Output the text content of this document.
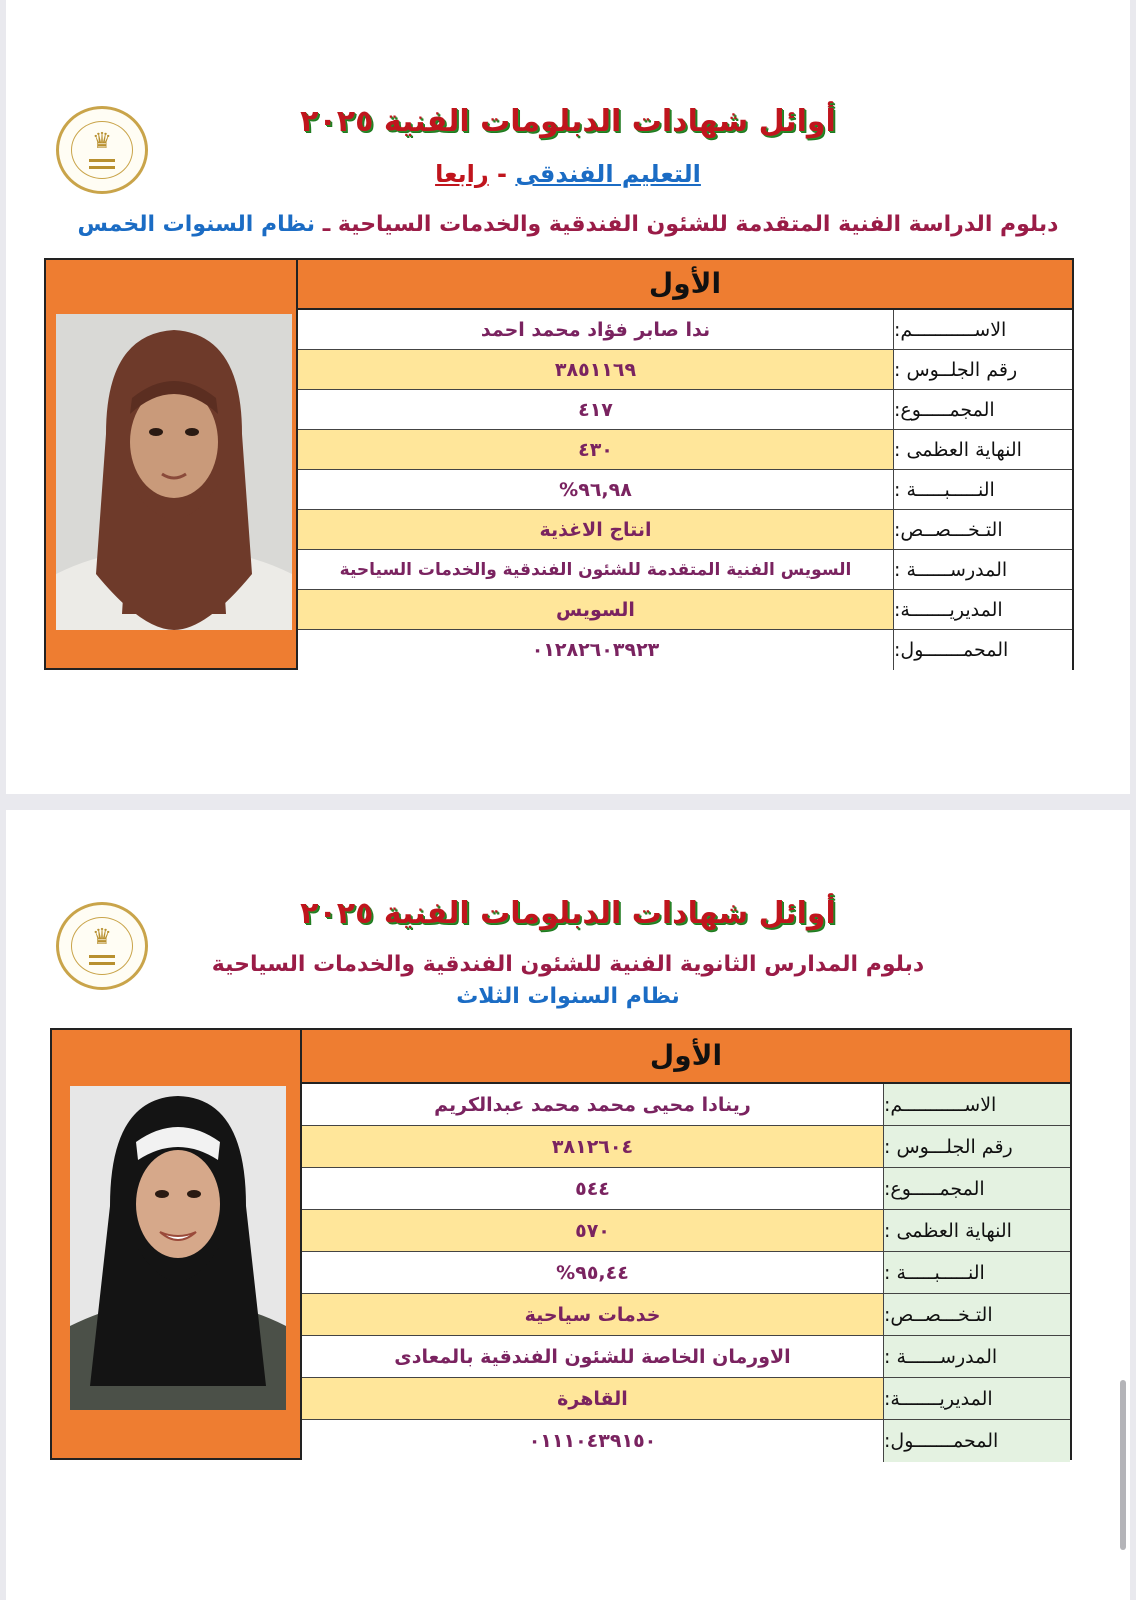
♛
أوائل شهادات الدبلومات الفنية ٢٠٢٥
التعليم الفندقى - رابعا
دبلوم الدراسة الفنية المتقدمة للشئون الفندقية والخدمات السياحية ـ نظام السنوات الخمس
الأول
ندا صابر فؤاد محمد احمد	الاســـــــــــم:
٣٨٥١١٦٩	رقم الجلــوس :
٤١٧	المجمـــــوع:
٤٣٠	النهاية العظمى :
%٩٦,٩٨	النـــــبـــــة :
انتاج الاغذية	التـخـــصــص:
السويس الفنية المتقدمة للشئون الفندقية والخدمات السياحية	المدرســــــة :
السويس	المديريـــــــة:
٠١٢٨٢٦٠٣٩٢٣	المحمـــــــول:
♛
أوائل شهادات الدبلومات الفنية ٢٠٢٥
دبلوم المدارس الثانوية الفنية للشئون الفندقية والخدمات السياحية
نظام السنوات الثلاث
الأول
رينادا محيى محمد محمد عبدالكريم	الاســـــــــــم:
٣٨١٢٦٠٤	رقم الجلـــوس :
٥٤٤	المجمـــــوع:
٥٧٠	النهاية العظمى :
%٩٥,٤٤	النـــــبـــــة :
خدمات سياحية	التـخـــصــص:
الاورمان الخاصة للشئون الفندقية بالمعادى	المدرســــــة :
القاهرة	المديريـــــــة:
٠١١١٠٤٣٩١٥٠	المحمـــــــول:
